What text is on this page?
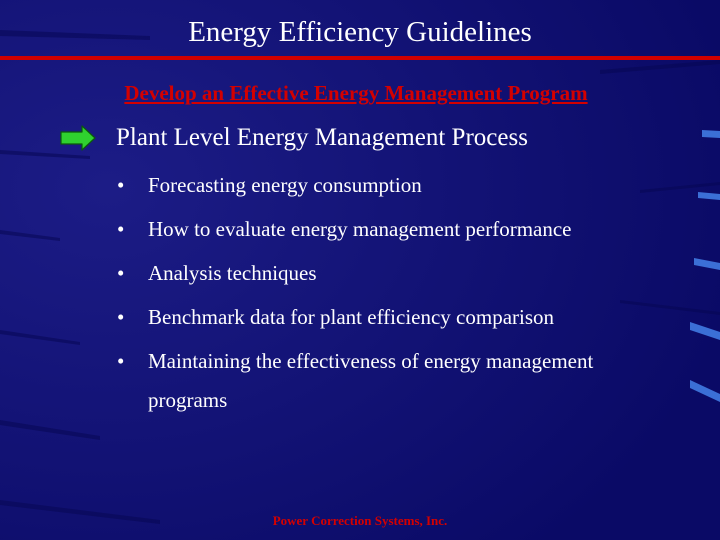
Energy Efficiency Guidelines
Develop an Effective Energy Management Program
Plant Level Energy Management Process
•	Forecasting energy consumption
•	How to evaluate energy management performance
•	Analysis techniques
•	Benchmark data for plant efficiency comparison
•	Maintaining the effectiveness of energy management programs
Power Correction Systems, Inc.
